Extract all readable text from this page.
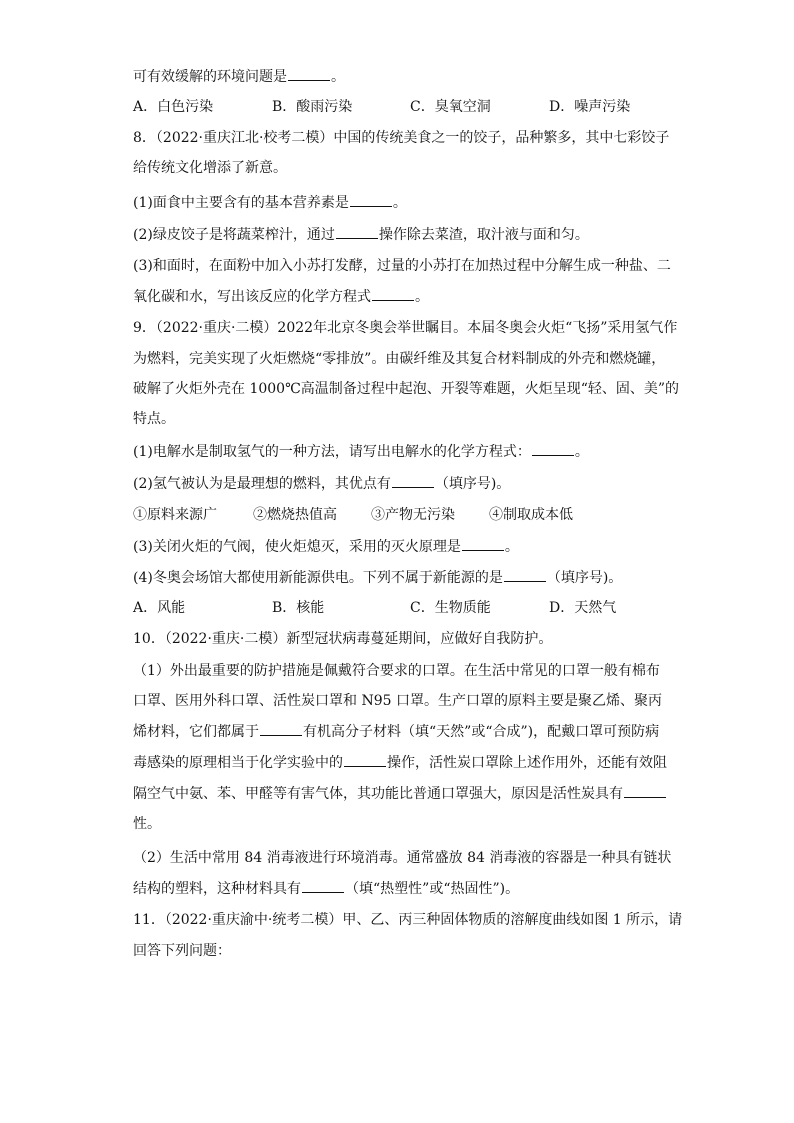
可有效缓解的环境问题是	。
A．白色污染	B．酸雨污染	C．臭氧空洞	D．噪声污染
8．（2022·重庆江北·校考二模）中国的传统美食之一的饺子，品种繁多，其中七彩饺子
给传统文化增添了新意。
(1)面食中主要含有的基本营养素是	。
(2)绿皮饺子是将蔬菜榨汁，通过	操作除去菜渣，取汁液与面和匀。
(3)和面时，在面粉中加入小苏打发酵，过量的小苏打在加热过程中分解生成一种盐、二
氧化碳和水，写出该反应的化学方程式	。
9．（2022·重庆·二模）2022年北京冬奥会举世瞩目。本届冬奥会火炬“飞扬”采用氢气作
为燃料，完美实现了火炬燃烧“零排放”。由碳纤维及其复合材料制成的外壳和燃烧罐，
破解了火炬外壳在 1000℃高温制备过程中起泡、开裂等难题，火炬呈现“轻、固、美”的
特点。
(1)电解水是制取氢气的一种方法，请写出电解水的化学方程式：	。
(2)氢气被认为是最理想的燃料，其优点有	（填序号)。
①原料来源广	②燃烧热值高 ③产物无污染 ④制取成本低
(3)关闭火炬的气阀，使火炬熄灭，采用的灭火原理是	。
(4)冬奥会场馆大都使用新能源供电。下列不属于新能源的是	（填序号)。
A．风能	B．核能	C．生物质能	D．天然气
10．（2022·重庆·二模）新型冠状病毒蔓延期间，应做好自我防护。
（1）外出最重要的防护措施是佩戴符合要求的口罩。在生活中常见的口罩一般有棉布
口罩、医用外科口罩、活性炭口罩和 N95 口罩。生产口罩的原料主要是聚乙烯、聚丙
烯材料，它们都属于	有机高分子材料（填“天然”或“合成”)，配戴口罩可预防病
毒感染的原理相当于化学实验中的	操作，活性炭口罩除上述作用外，还能有效阻
隔空气中氨、苯、甲醛等有害气体，其功能比普通口罩强大，原因是活性炭具有
性。
（2）生活中常用 84 消毒液进行环境消毒。通常盛放 84 消毒液的容器是一种具有链状
结构的塑料，这种材料具有	（填“热塑性”或“热固性”)。
11．（2022·重庆渝中·统考二模）甲、乙、丙三种固体物质的溶解度曲线如图 1 所示，请
回答下列问题：
